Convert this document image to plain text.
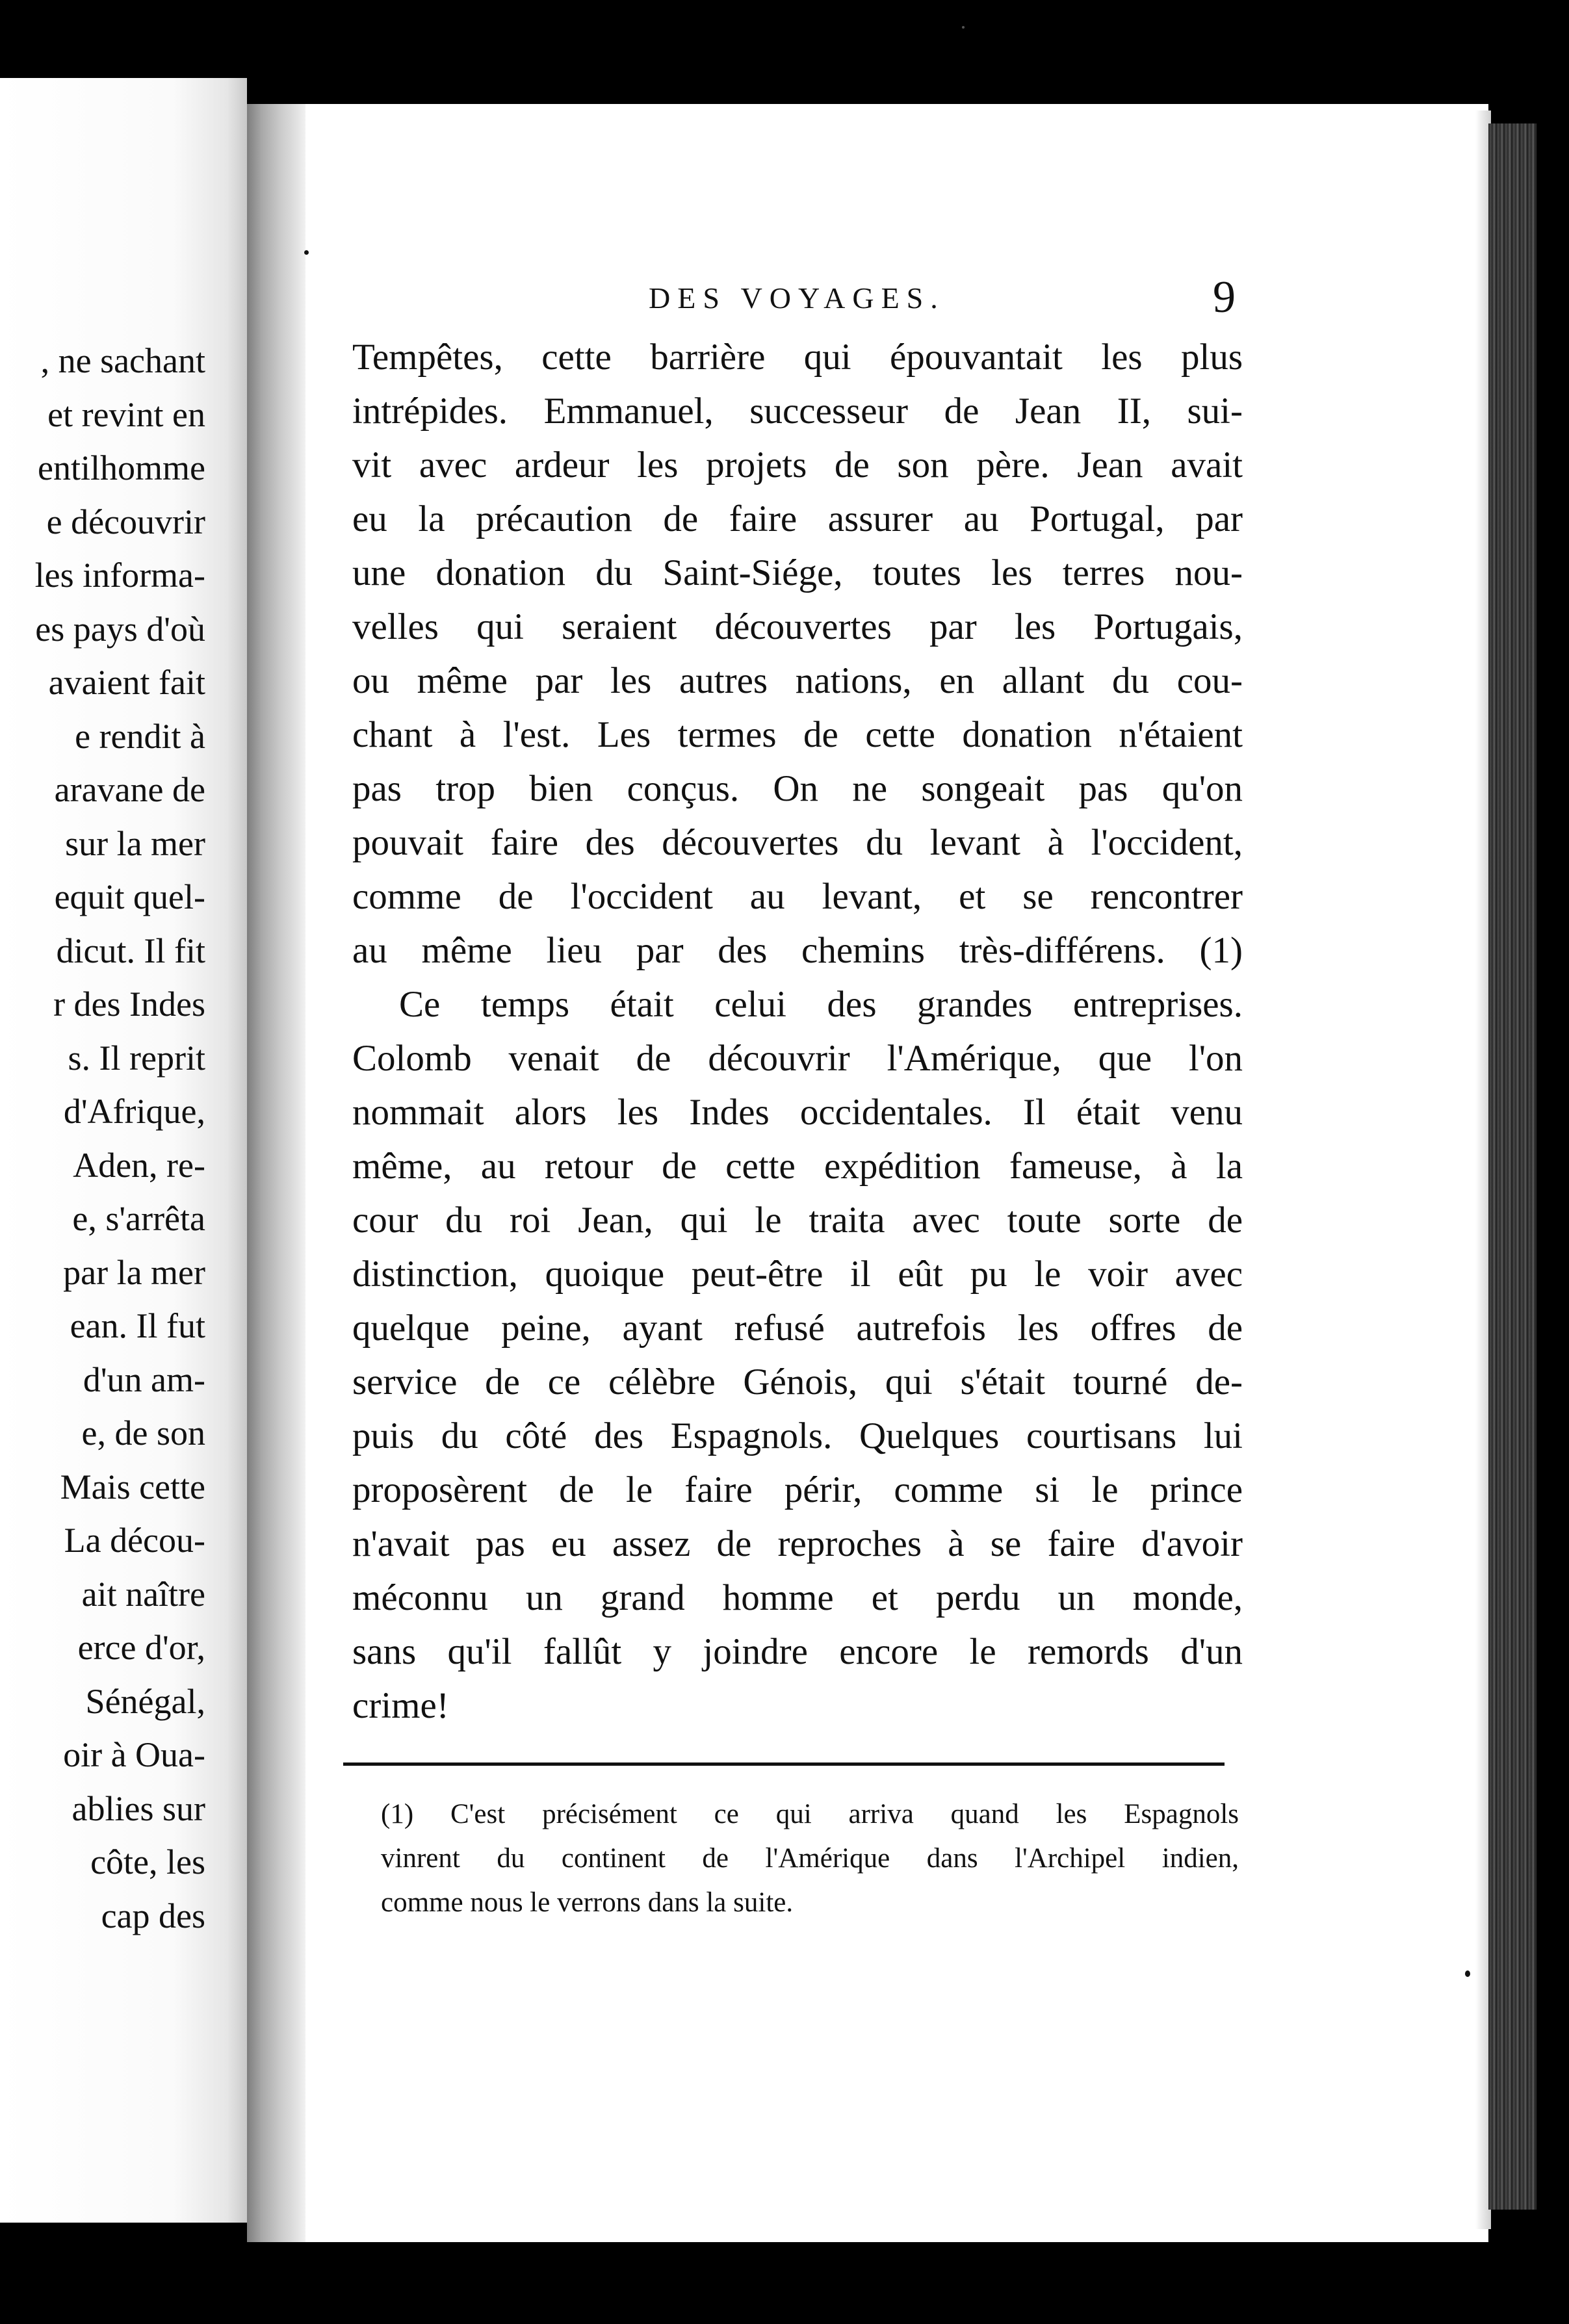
, ne sachant
et revint en
entilhomme
e découvrir
les informa-
es pays d'où
avaient fait
e rendit à
aravane de
sur la mer
equit quel-
dicut. Il fit
r des Indes
s. Il reprit
d'Afrique,
Aden, re-
e, s'arrêta
par la mer
ean. Il fut
d'un am-
e, de son
Mais cette
La décou-
ait naître
erce d'or,
Sénégal,
oir à Oua-
ablies sur
côte, les
cap des
DES VOYAGES.	9
Tempêtes, cette barrière qui épouvantait les plus
intrépides. Emmanuel, successeur de Jean II, sui-
vit avec ardeur les projets de son père. Jean avait
eu la précaution de faire assurer au Portugal, par
une donation du Saint-Siége, toutes les terres nou-
velles qui seraient découvertes par les Portugais,
ou même par les autres nations, en allant du cou-
chant à l'est. Les termes de cette donation n'étaient
pas trop bien conçus. On ne songeait pas qu'on
pouvait faire des découvertes du levant à l'occident,
comme de l'occident au levant, et se rencontrer
au même lieu par des chemins très-différens. (1)
Ce temps était celui des grandes entreprises.
Colomb venait de découvrir l'Amérique, que l'on
nommait alors les Indes occidentales. Il était venu
même, au retour de cette expédition fameuse, à la
cour du roi Jean, qui le traita avec toute sorte de
distinction, quoique peut-être il eût pu le voir avec
quelque peine, ayant refusé autrefois les offres de
service de ce célèbre Génois, qui s'était tourné de-
puis du côté des Espagnols. Quelques courtisans lui
proposèrent de le faire périr, comme si le prince
n'avait pas eu assez de reproches à se faire d'avoir
méconnu un grand homme et perdu un monde,
sans qu'il fallût y joindre encore le remords d'un
crime!
(1) C'est précisément ce qui arriva quand les Espagnols
vinrent du continent de l'Amérique dans l'Archipel indien,
comme nous le verrons dans la suite.
